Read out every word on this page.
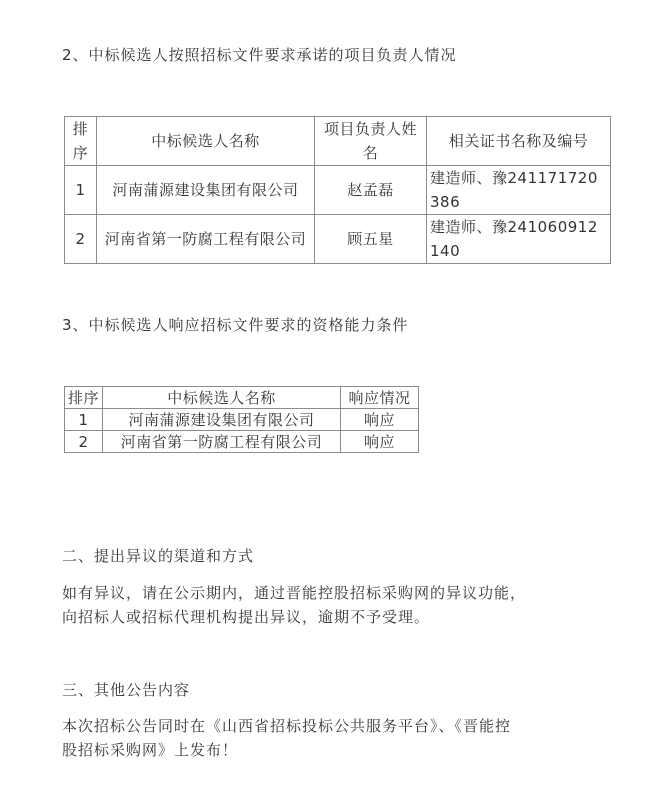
2、中标候选人按照招标文件要求承诺的项目负责人情况

排序	中标候选人名称	项目负责人姓名	相关证书名称及编号
1	河南蒲源建设集团有限公司	赵孟磊	建造师、豫241171720386
2	河南省第一防腐工程有限公司	顾五星	建造师、豫241060912140

3、中标候选人响应招标文件要求的资格能力条件

排序	中标候选人名称	响应情况
1	河南蒲源建设集团有限公司	响应
2	河南省第一防腐工程有限公司	响应

二、提出异议的渠道和方式

如有异议，请在公示期内，通过晋能控股招标采购网的异议功能，

向招标人或招标代理机构提出异议，逾期不予受理。

三、其他公告内容

本次招标公告同时在《山西省招标投标公共服务平台》、《晋能控

股招标采购网》上发布！
